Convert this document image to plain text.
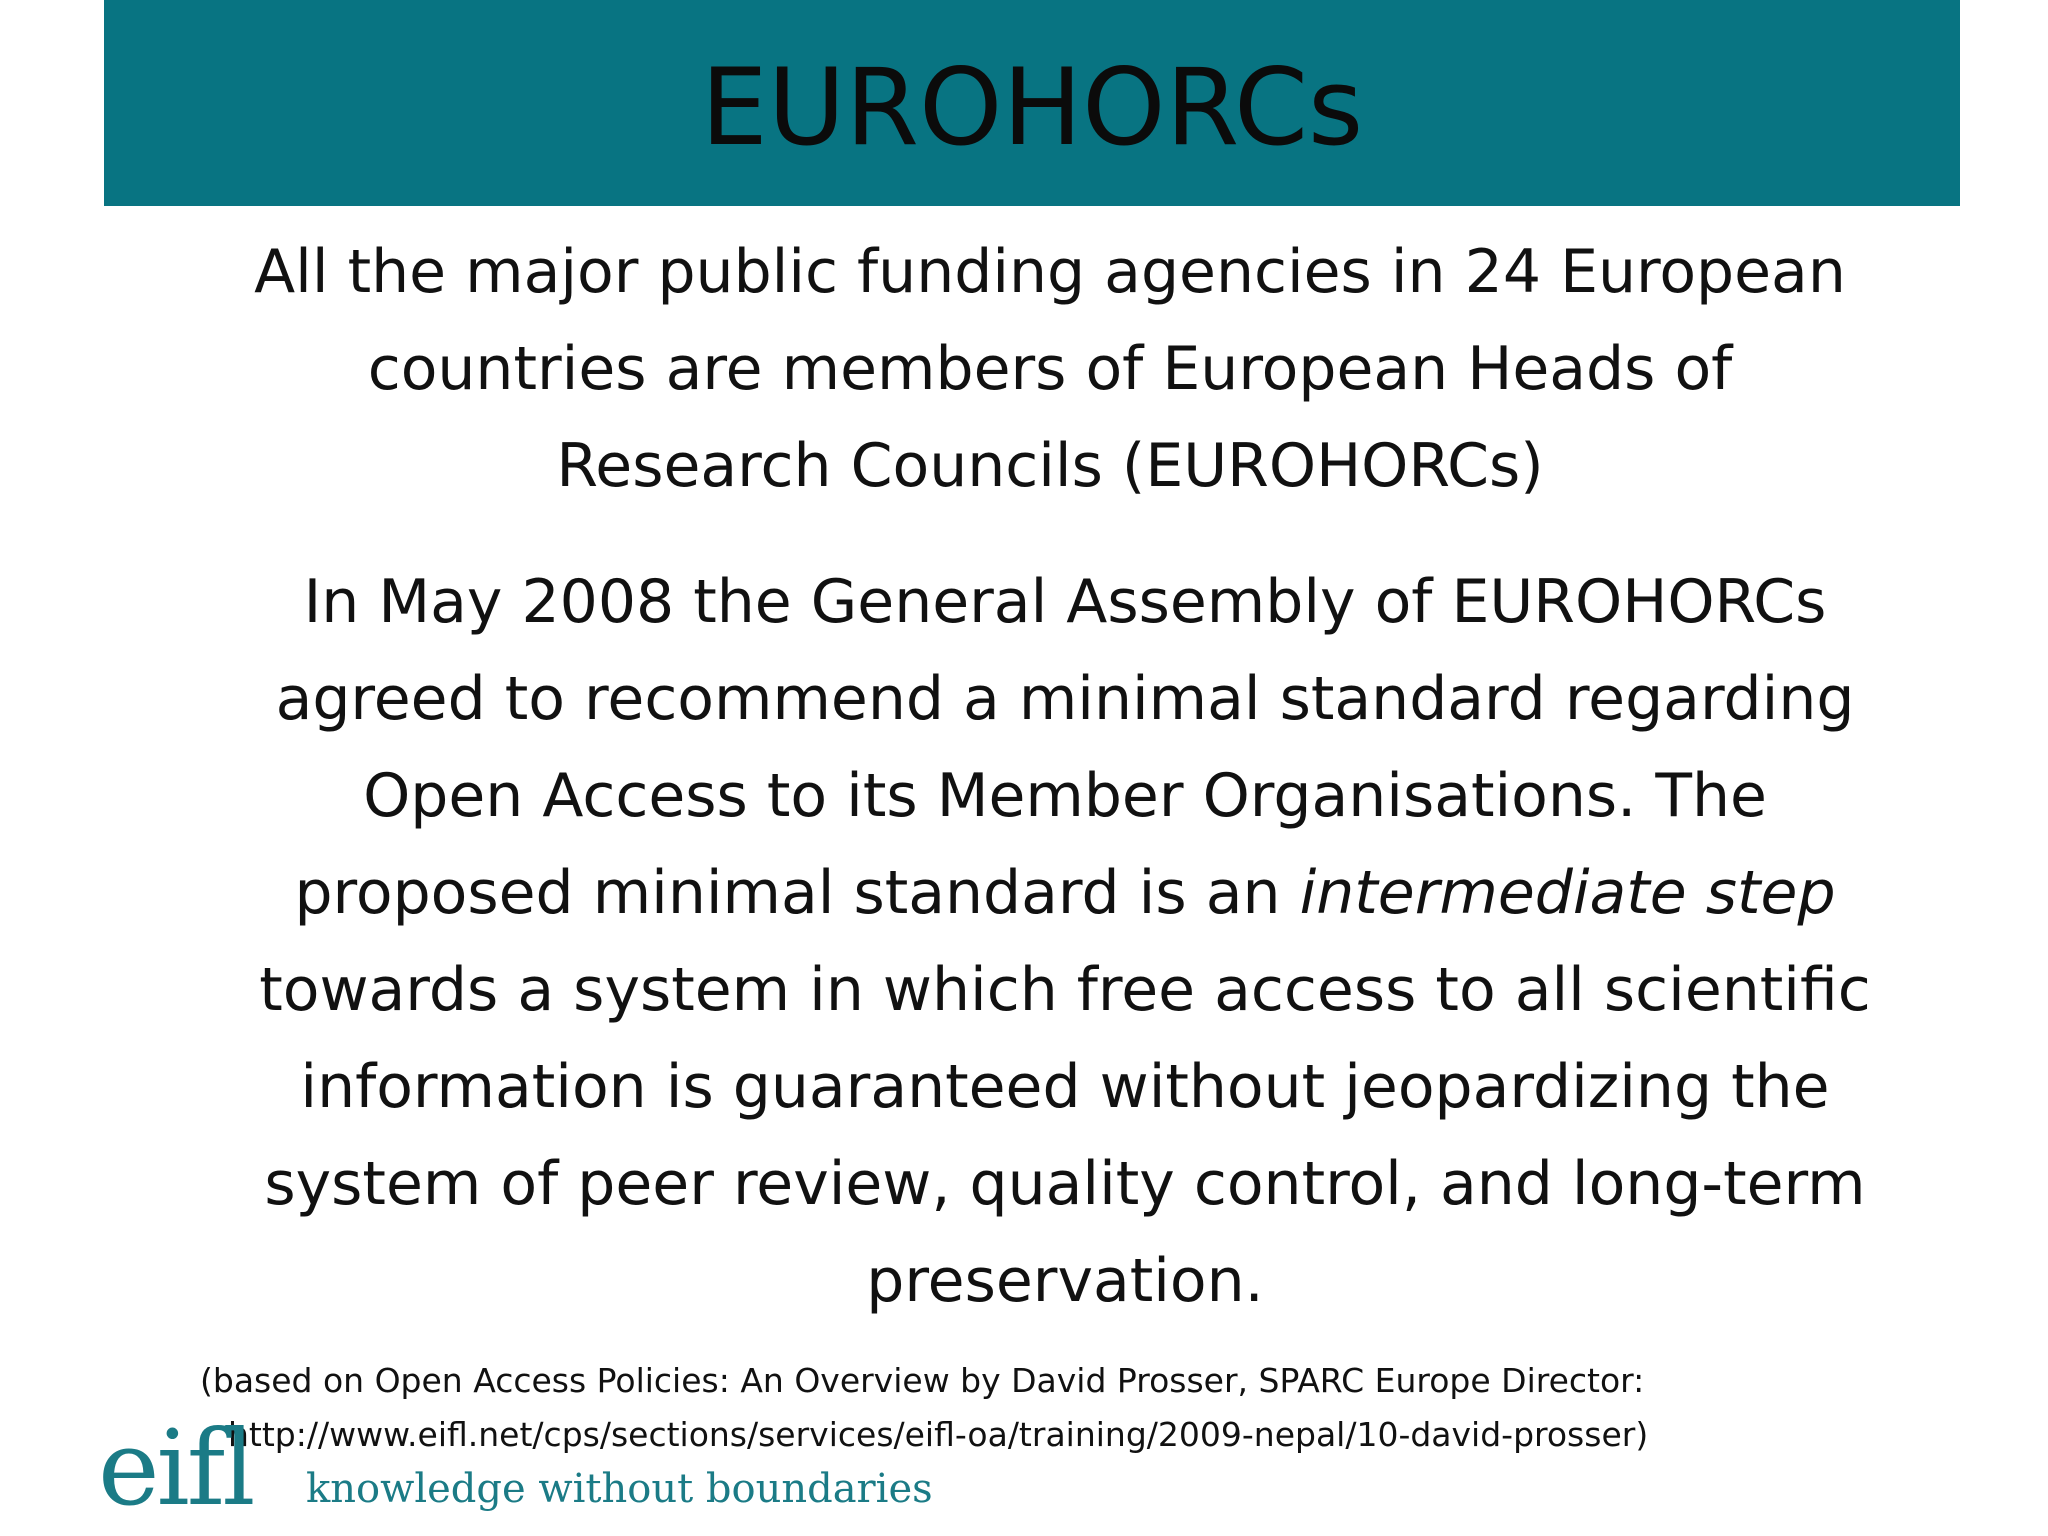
EUROHORCs

All the major public funding agencies in 24 European
countries are members of European Heads of
Research Councils (EUROHORCs)

In May 2008 the General Assembly of EUROHORCs
agreed to recommend a minimal standard regarding
Open Access to its Member Organisations. The
proposed minimal standard is an intermediate step
towards a system in which free access to all scientific
information is guaranteed without jeopardizing the
system of peer review, quality control, and long-term
preservation.

(based on Open Access Policies: An Overview by David Prosser, SPARC Europe Director:
http://www.eifl.net/cps/sections/services/eifl-oa/training/2009-nepal/10-david-prosser)

eifl knowledge without boundaries
